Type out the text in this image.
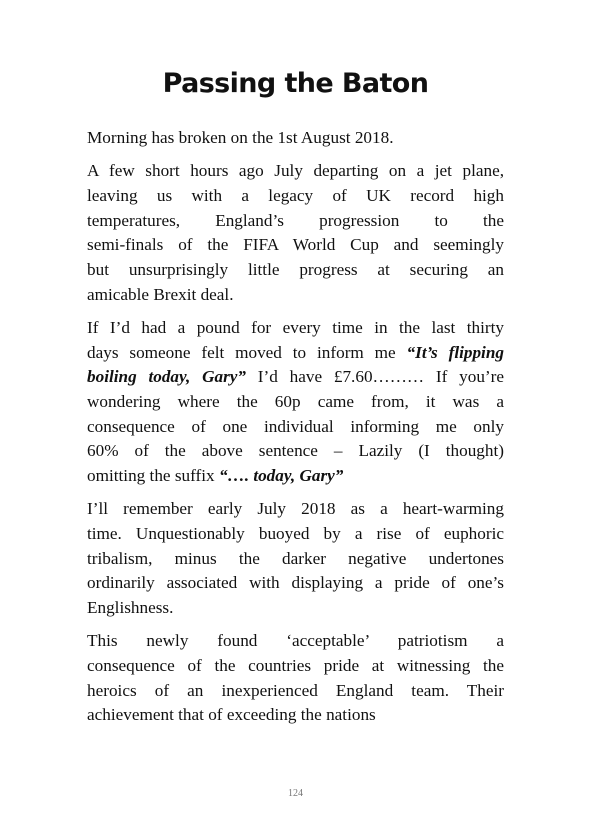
Passing the Baton
Morning has broken on the 1st August 2018.
A few short hours ago July departing on a jet plane,
leaving us with a legacy of UK record high
temperatures, England’s progression to the
semi-finals of the FIFA World Cup and seemingly
but unsurprisingly little progress at securing an
amicable Brexit deal.
If I’d had a pound for every time in the last thirty
days someone felt moved to inform me “It’s flipping
boiling today, Gary” I’d have £7.60……… If you’re
wondering where the 60p came from, it was a
consequence of one individual informing me only
60% of the above sentence – Lazily (I thought)
omitting the suffix “…. today, Gary”
I’ll remember early July 2018 as a heart-warming
time. Unquestionably buoyed by a rise of euphoric
tribalism, minus the darker negative undertones
ordinarily associated with displaying a pride of one’s
Englishness.
This newly found ‘acceptable’ patriotism a
consequence of the countries pride at witnessing the
heroics of an inexperienced England team. Their
achievement that of exceeding the nations
124
